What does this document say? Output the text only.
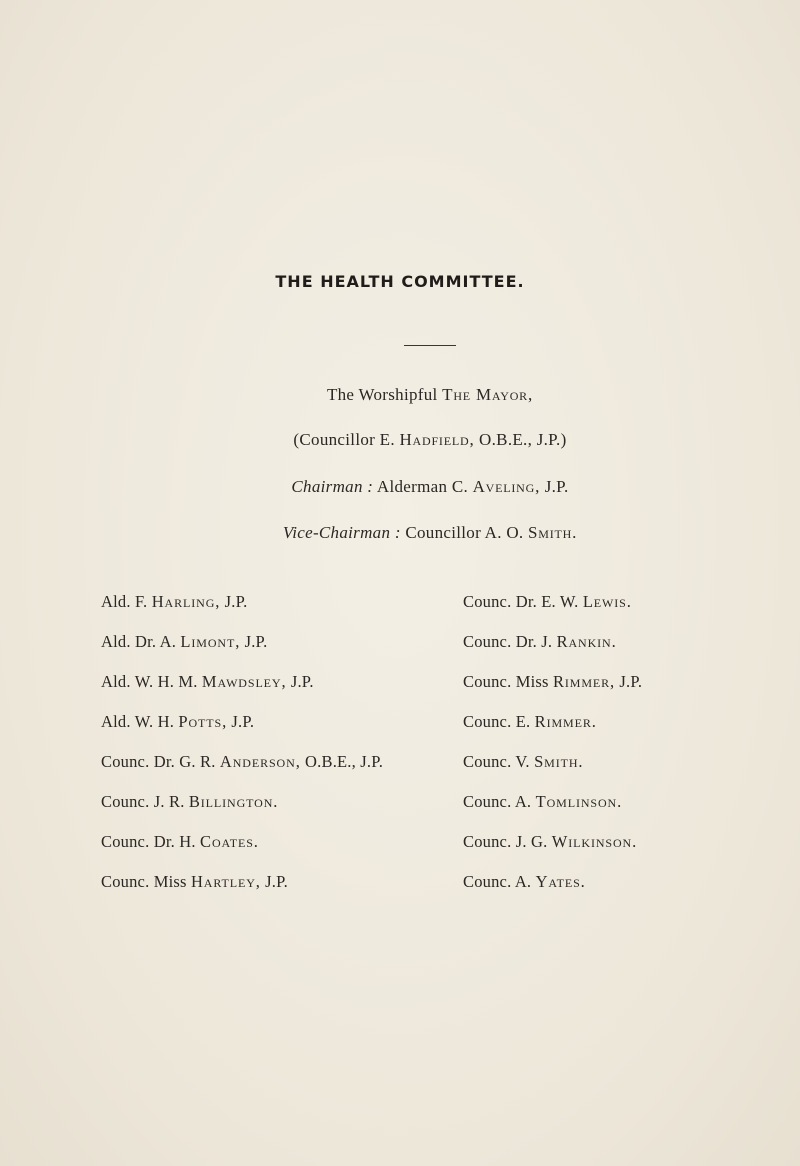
THE HEALTH COMMITTEE.
The Worshipful The Mayor,
(Councillor E. Hadfield, O.B.E., J.P.)
Chairman : Alderman C. Aveling, J.P.
Vice-Chairman : Councillor A. O. Smith.
Ald. F. Harling, J.P.
Ald. Dr. A. Limont, J.P.
Ald. W. H. M. Mawdsley, J.P.
Ald. W. H. Potts, J.P.
Counc. Dr. G. R. Anderson, O.B.E., J.P.
Counc. J. R. Billington.
Counc. Dr. H. Coates.
Counc. Miss Hartley, J.P.
Counc. Dr. E. W. Lewis.
Counc. Dr. J. Rankin.
Counc. Miss Rimmer, J.P.
Counc. E. Rimmer.
Counc. V. Smith.
Counc. A. Tomlinson.
Counc. J. G. Wilkinson.
Counc. A. Yates.
